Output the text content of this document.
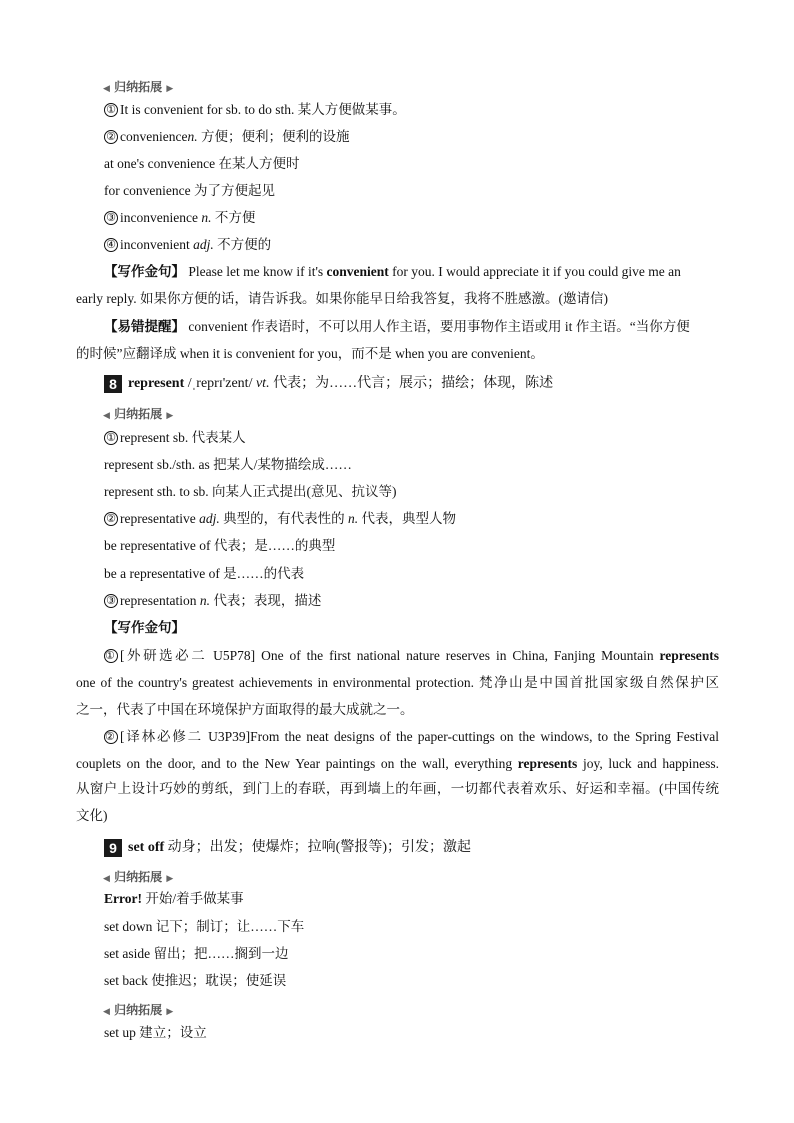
◀ 归纳拓展 ▶
① It is convenient for sb. to do sth. 某人方便做某事。
② conveniencen. 方便；便利；便利的设施
at one's convenience 在某人方便时
for convenience 为了方便起见
③ inconvenience n. 不方便
④ inconvenient adj. 不方便的
【写作金句】 Please let me know if it's convenient for you. I would appreciate it if you could give me an
early reply. 如果你方便的话，请告诉我。如果你能早日给我答复，我将不胜感激。(邀请信)
【易错提醒】 convenient 作表语时，不可以用人作主语，要用事物作主语或用 it 作主语。“当你方便
的时候”应翻译成 when it is convenient for you，而不是 when you are convenient。
8 represent /ˌreprɪ'zent/ vt. 代表；为……代言；展示；描绘；体现，陈述
◀ 归纳拓展 ▶
① represent sb. 代表某人
represent sb./sth. as 把某人/某物描绘成……
represent sth. to sb. 向某人正式提出(意见、抗议等)
② representative adj. 典型的，有代表性的 n. 代表，典型人物
be representative of 代表；是……的典型
be a representative of 是……的代表
③ representation n. 代表；表现，描述
【写作金句】
① [外研选必二 U5P78] One of the first national nature reserves in China, Fanjing Mountain represents
one of the country's greatest achievements in environmental protection. 梵净山是中国首批国家级自然保护区
之一，代表了中国在环境保护方面取得的最大成就之一。
② [译林必修二 U3P39]From the neat designs of the paper-cuttings on the windows, to the Spring Festival
couplets on the door, and to the New Year paintings on the wall, everything represents joy, luck and happiness.
从窗户上设计巧妙的剪纸，到门上的春联，再到墙上的年画，一切都代表着欢乐、好运和幸福。(中国传统
文化)
9 set off 动身；出发；使爆炸；拉响(警报等)；引发；激起
◀ 归纳拓展 ▶
Error! 开始/着手做某事
set down 记下；制订；让……下车
set aside 留出；把……搁到一边
set back 使推迟；耽误；使延误
◀ 归纳拓展 ▶
set up 建立；设立
